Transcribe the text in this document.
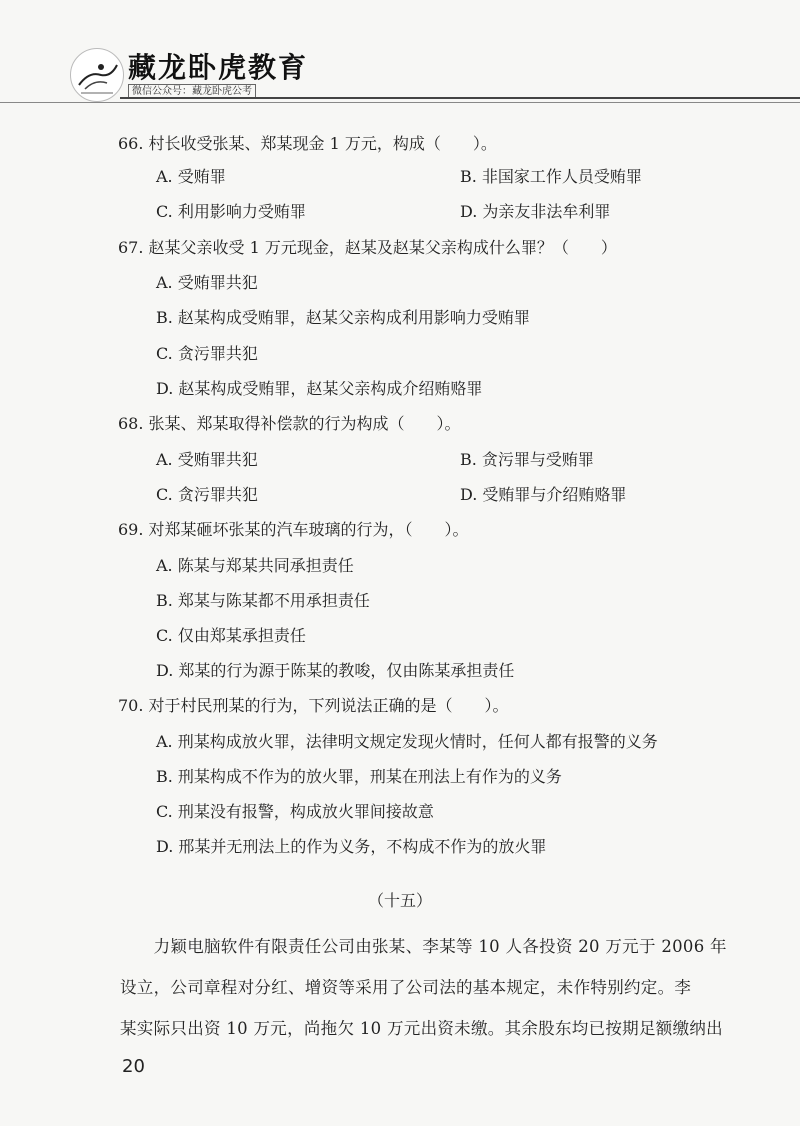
藏龙卧虎教育
微信公众号：藏龙卧虎公考
66. 村长收受张某、郑某现金 1 万元，构成（　　）。
A. 受贿罪	B. 非国家工作人员受贿罪
C. 利用影响力受贿罪	D. 为亲友非法牟利罪
67. 赵某父亲收受 1 万元现金，赵某及赵某父亲构成什么罪？（　　）
A. 受贿罪共犯
B. 赵某构成受贿罪，赵某父亲构成利用影响力受贿罪
C. 贪污罪共犯
D. 赵某构成受贿罪，赵某父亲构成介绍贿赂罪
68. 张某、郑某取得补偿款的行为构成（　　）。
A. 受贿罪共犯	B. 贪污罪与受贿罪
C. 贪污罪共犯	D. 受贿罪与介绍贿赂罪
69. 对郑某砸坏张某的汽车玻璃的行为，（　　）。
A. 陈某与郑某共同承担责任
B. 郑某与陈某都不用承担责任
C. 仅由郑某承担责任
D. 郑某的行为源于陈某的教唆，仅由陈某承担责任
70. 对于村民刑某的行为，下列说法正确的是（　　）。
A. 刑某构成放火罪，法律明文规定发现火情时，任何人都有报警的义务
B. 刑某构成不作为的放火罪，刑某在刑法上有作为的义务
C. 刑某没有报警，构成放火罪间接故意
D. 邢某并无刑法上的作为义务，不构成不作为的放火罪
（十五）
　　力颖电脑软件有限责任公司由张某、李某等 10 人各投资 20 万元于 2006 年
设立，公司章程对分红、增资等采用了公司法的基本规定，未作特别约定。李
某实际只出资 10 万元，尚拖欠 10 万元出资未缴。其余股东均已按期足额缴纳出
20
